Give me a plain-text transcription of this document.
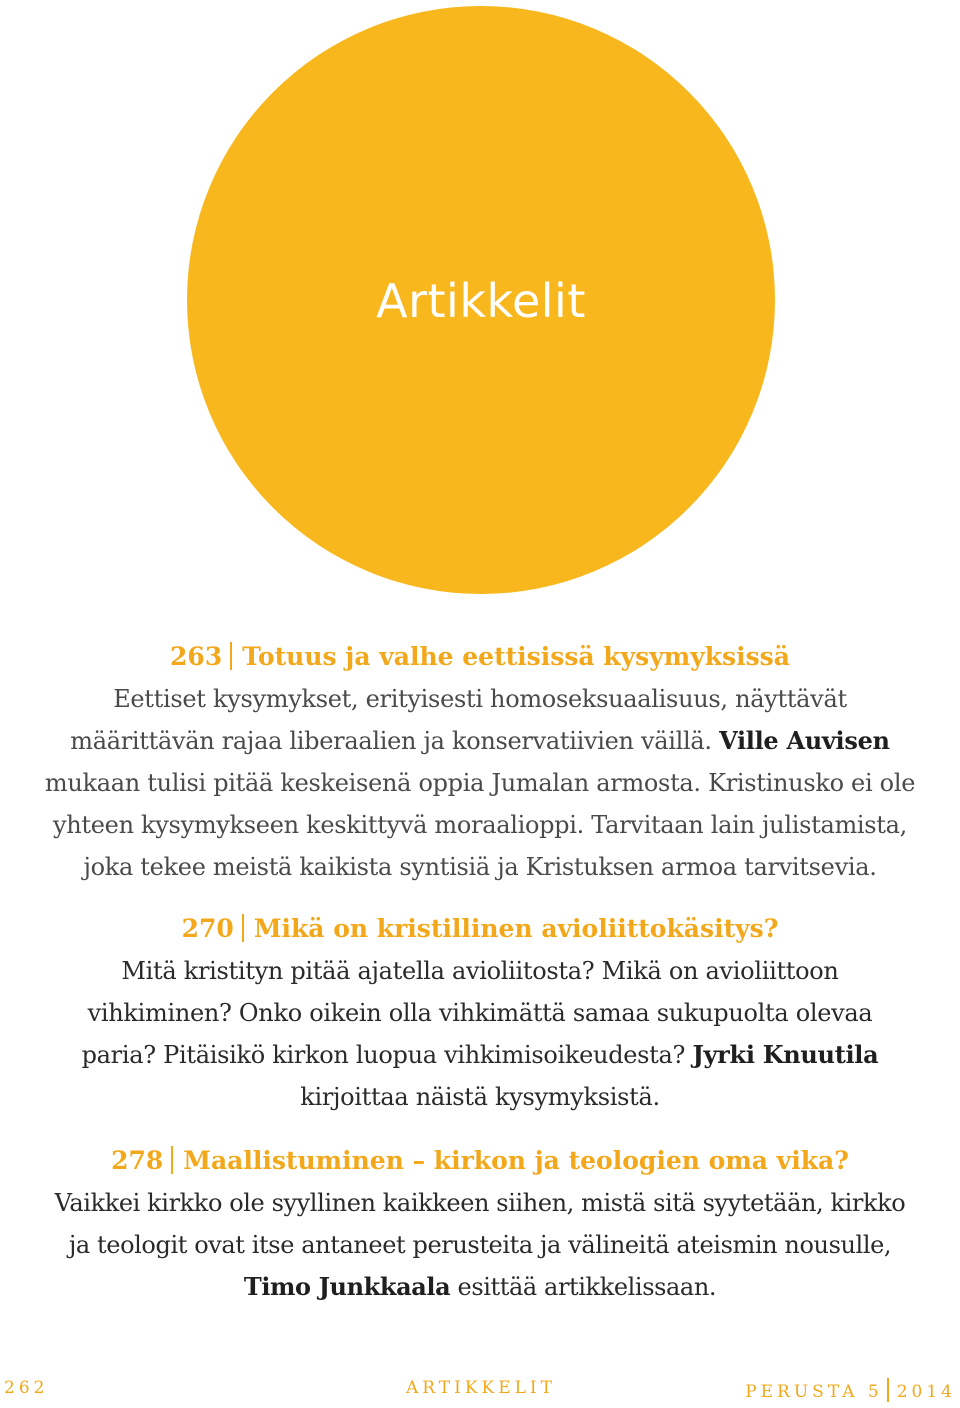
Artikkelit
263 Totuus ja valhe eettisissä kysymyksissä
Eettiset kysymykset, erityisesti homoseksuaalisuus, näyttävät
määrittävän rajaa liberaalien ja konservatiivien väillä. Ville Auvisen
mukaan tulisi pitää keskeisenä oppia Jumalan armosta. Kristinusko ei ole
yhteen kysymykseen keskittyvä moraalioppi. Tarvitaan lain julistamista,
joka tekee meistä kaikista syntisiä ja Kristuksen armoa tarvitsevia.
270 Mikä on kristillinen avioliittokäsitys?
Mitä kristityn pitää ajatella avioliitosta? Mikä on avioliittoon
vihkiminen? Onko oikein olla vihkimättä samaa sukupuolta olevaa
paria? Pitäisikö kirkon luopua vihkimisoikeudesta? Jyrki Knuutila
kirjoittaa näistä kysymyksistä.
278 Maallistuminen – kirkon ja teologien oma vika?
Vaikkei kirkko ole syyllinen kaikkeen siihen, mistä sitä syytetään, kirkko
ja teologit ovat itse antaneet perusteita ja välineitä ateismin nousulle,
Timo Junkkaala esittää artikkelissaan.
262	ARTIKKELIT	PERUSTA 5 2014
